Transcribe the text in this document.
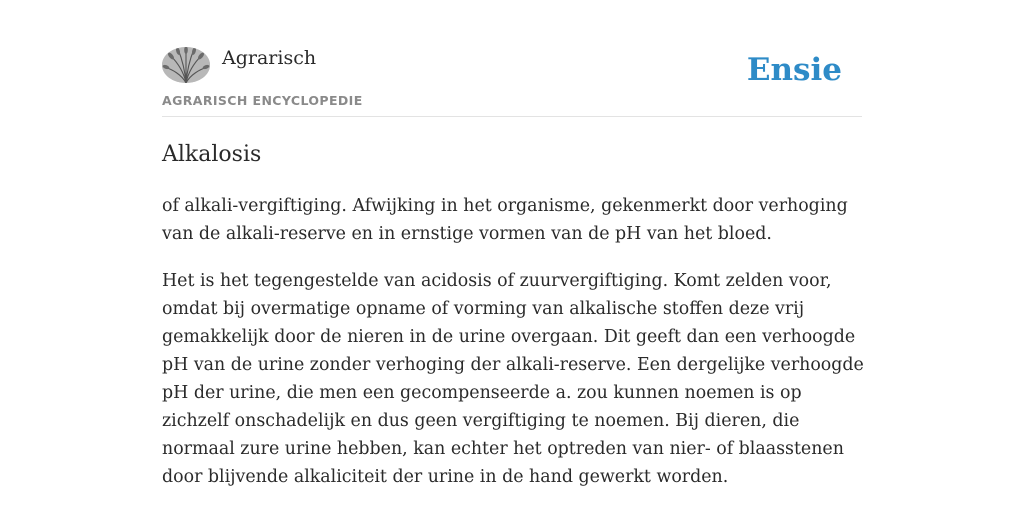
Agrarisch
AGRARISCH ENCYCLOPEDIE
Ensie
Alkalosis

of alkali-vergiftiging. Afwijking in het organisme, gekenmerkt door verhoging van de alkali-reserve en in ernstige vormen van de pH van het bloed.

Het is het tegengestelde van acidosis of zuurvergiftiging. Komt zelden voor, omdat bij overmatige opname of vorming van alkalische stoffen deze vrij gemakkelijk door de nieren in de urine overgaan. Dit geeft dan een verhoogde pH van de urine zonder verhoging der alkali-reserve. Een dergelijke verhoogde pH der urine, die men een gecompenseerde a. zou kunnen noemen is op zichzelf onschadelijk en dus geen vergiftiging te noemen. Bij dieren, die normaal zure urine hebben, kan echter het optreden van nier- of blaasstenen door blijvende alkaliciteit der urine in de hand gewerkt worden.
